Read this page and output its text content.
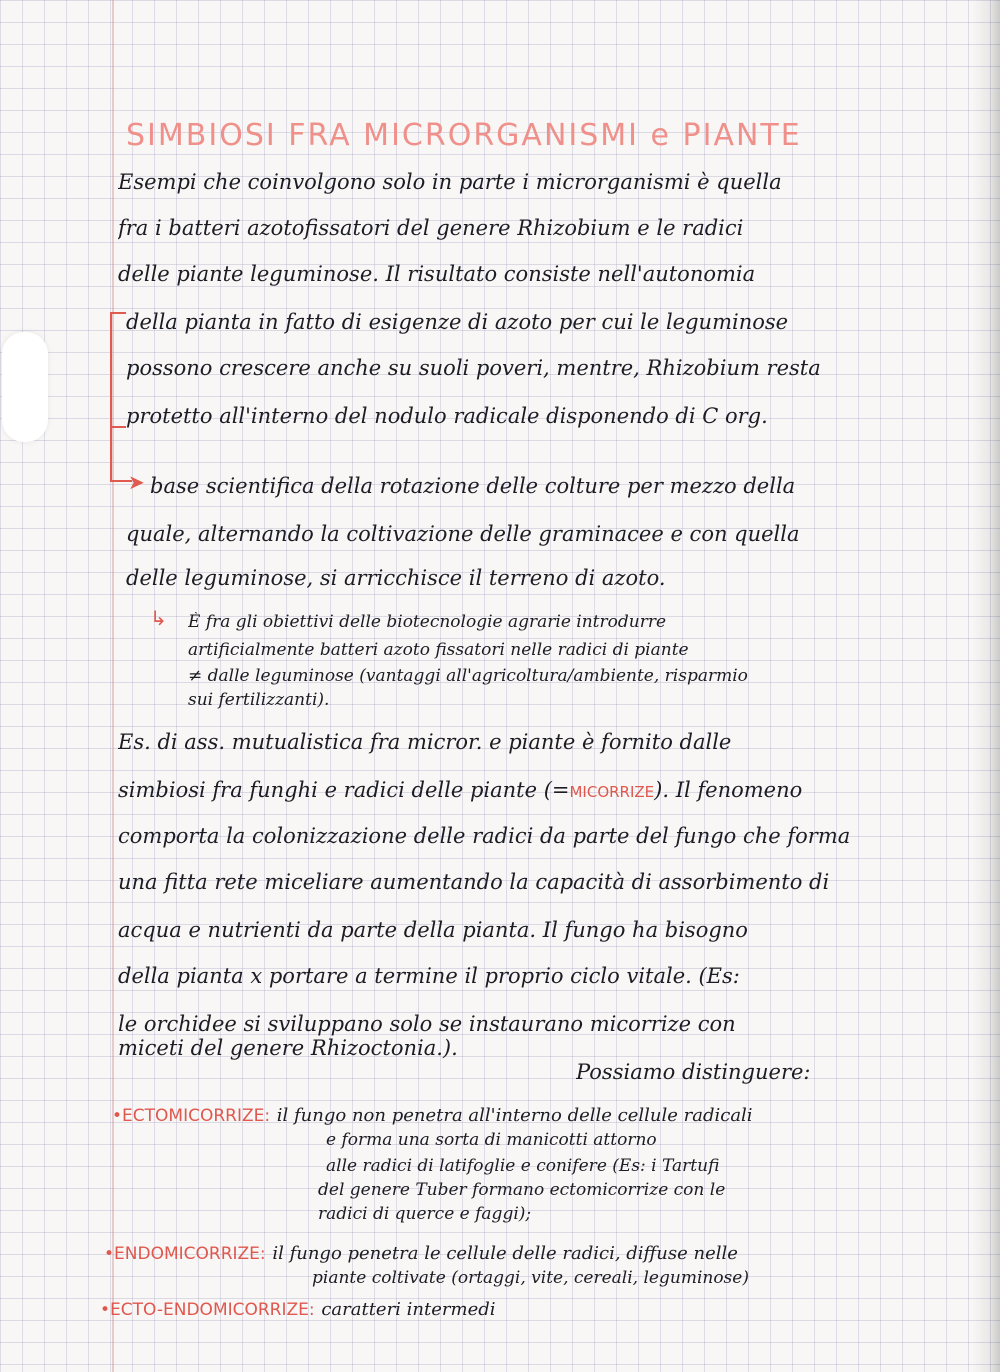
SIMBIOSI FRA MICRORGANISMI e PIANTE
Esempi che coinvolgono solo in parte i microrganismi è quella
fra i batteri azotofissatori del genere Rhizobium e le radici
delle piante leguminose. Il risultato consiste nell'autonomia
➤
della pianta in fatto di esigenze di azoto per cui le leguminose
possono crescere anche su suoli poveri, mentre, Rhizobium resta
protetto all'interno del nodulo radicale disponendo di C org.
base scientifica della rotazione delle colture per mezzo della
quale, alternando la coltivazione delle graminacee e con quella
delle leguminose, si arricchisce il terreno di azoto.
↳ È fra gli obiettivi delle biotecnologie agrarie introdurre
artificialmente batteri azoto fissatori nelle radici di piante
≠ dalle leguminose (vantaggi all'agricoltura/ambiente, risparmio
sui fertilizzanti).
Es. di ass. mutualistica fra micror. e piante è fornito dalle
simbiosi fra funghi e radici delle piante (=MICORRIZE). Il fenomeno
comporta la colonizzazione delle radici da parte del fungo che forma
una fitta rete miceliare aumentando la capacità di assorbimento di
acqua e nutrienti da parte della pianta. Il fungo ha bisogno
della pianta x portare a termine il proprio ciclo vitale. (Es:
le orchidee si sviluppano solo se instaurano micorrize con
miceti del genere Rhizoctonia.).
Possiamo distinguere:
•ECTOMICORRIZE: il fungo non penetra all'interno delle cellule radicali
e forma una sorta di manicotti attorno
alle radici di latifoglie e conifere (Es: i Tartufi
del genere Tuber formano ectomicorrize con le
radici di querce e faggi);
•ENDOMICORRIZE: il fungo penetra le cellule delle radici, diffuse nelle
piante coltivate (ortaggi, vite, cereali, leguminose)
•ECTO-ENDOMICORRIZE: caratteri intermedi
